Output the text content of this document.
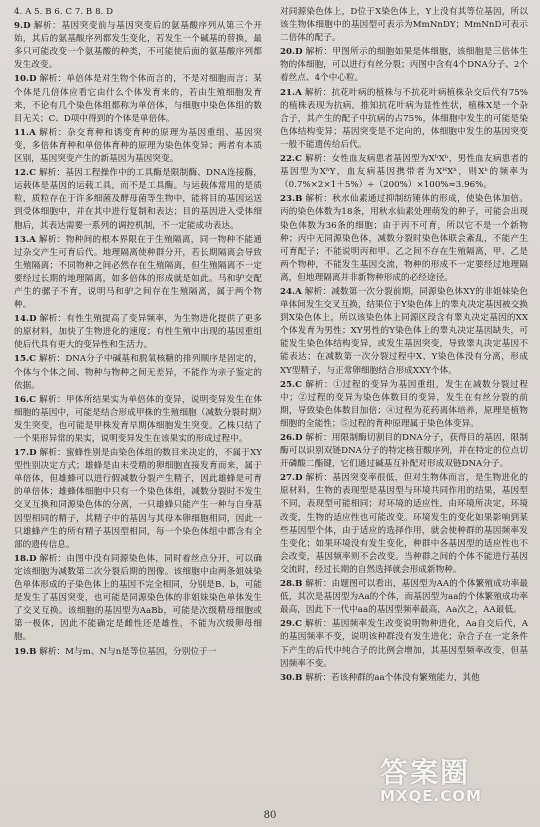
4. A 5. B 6. C 7. B 8. D
9.D 解析：基因突变前与基因突变后的氨基酸序列从第三个开始，其后的氨基酸序列都发生变化，若发生一个碱基的替换，最多只可能改变一个氨基酸的种类，不可能使后面的氨基酸序列都发生改变。
10.D 解析：单倍体是对生物个体而言的，不是对细胞而言；某个体是几倍体应看它由什么个体发育来的，若由生殖细胞发育来，不论有几个染色体组都称为单倍体，与细胞中染色体组的数目无关；C、D项中得到的个体是单倍体。
11.A 解析：杂交育种和诱变育种的原理为基因重组、基因突变，多倍体育种和单倍体育种的原理为染色体变异；两者有本质区别，基因突变产生的新基因为基因突变。
12.C 解析：基因工程操作中的工具酶是限制酶、DNA连接酶，运载体是基因的运载工具，而不是工具酶。与运载体常用的是质粒，质粒存在于许多细菌及酵母菌等生物中，能将目的基因运送到受体细胞中，并在其中进行复制和表达；目的基因进入受体细胞后，其表达需要一系列的调控机制，不一定能成功表达。
13.A 解析：物种间的根本界限在于生殖隔离，同一物种不能通过杂交产生可育后代。地理隔离使种群分开，若长期隔离会导致生殖隔离；不同物种之间必然存在生殖隔离，但生殖隔离不一定要经过长期的地理隔离，如多倍体的形成就是如此。马和驴交配产生的骡子不育，说明马和驴之间存在生殖隔离，属于两个物种。
14.D 解析：有性生殖提高了变异频率，为生物进化提供了更多的原材料，加快了生物进化的速度；有性生殖中出现的基因重组使后代具有更大的变异性和生活力。
15.C 解析：DNA分子中碱基和脱氧核糖的排列顺序是固定的，个体与个体之间、物种与物种之间无差异，不能作为亲子鉴定的依据。
16.C 解析：甲体所结果实为单倍体的变异，说明变异发生在体细胞的基因中，可能是结合形成甲株的生殖细胞（减数分裂时期）发生突变，也可能是甲株发育早期体细胞发生突变。乙株只结了一个果形异常的果实，说明变异发生在该果实的形成过程中。
17.D 解析：蜜蜂性别是由染色体组的数目来决定的，不属于XY型性别决定方式；雄蜂是由未受精的卵细胞直接发育而来，属于单倍体，但雄蜂可以进行假减数分裂产生精子，因此雄蜂是可育的单倍体；雄蜂体细胞中只有一个染色体组，减数分裂时不发生交叉互换和同源染色体的分离，一只雄蜂只能产生一种与自身基因型相同的精子，其精子中的基因与其母本卵细胞相同，因此一只雄蜂产生的所有精子基因型相同，每一个染色体组中都含有全部的遗传信息。
18.D 解析：由图中没有同源染色体，同时着丝点分开，可以确定该细胞为减数第二次分裂后期的图像。该细胞中由两条姐妹染色单体形成的子染色体上的基因不完全相同，分别是B、b，可能是发生了基因突变，也可能是同源染色体的非姐妹染色单体发生了交叉互换。该细胞的基因型为AaBb，可能是次级精母细胞或第一极体，因此不能确定是雌性还是雄性，不能为次级卵母细胞。
19.B 解析：M与m、N与n是等位基因，分别位于一
对同源染色体上，D位于X染色体上，Y上没有其等位基因，所以该生物体细胞中的基因型可表示为MmNnDY；MmNnD可表示二倍体的配子。
20.D 解析：甲图所示的细胞如果是体细胞，该细胞是三倍体生物的体细胞，可以进行有丝分裂；丙图中含有4个DNA分子、2个着丝点、4个中心粒。
21.A 解析：抗花叶病的植株与不抗花叶病植株杂交后代有75%的植株表现为抗病，推知抗花叶病为显性性状，植株X是一个杂合子，其产生的配子中抗病的占75%，体细胞中发生的可能是染色体结构变异；基因突变是不定向的，体细胞中发生的基因突变一般不能遗传给后代。
22.C 解析：女性血友病患者基因型为XʰXʰ，男性血友病患者的基因型为XʰY，血友病基因携带者为XᴴXʰ，则Xʰ的频率为（0.7%×2×1＋5%）÷（200%）×100%≈3.96%。
23.B 解析：秋水仙素通过抑制纺锤体的形成，使染色体加倍。丙的染色体数为18条，用秋水仙素处理萌发的种子，可能会出现染色体数为36条的细胞；由于丙不可育，所以它不是一个新物种；丙中无同源染色体，减数分裂时染色体联会紊乱，不能产生可育配子；不能说明丙和甲、乙之间不存在生殖隔离，甲、乙是两个物种，不能发生基因交流，物种的形成不一定要经过地理隔离，但地理隔离并非新物种形成的必经途径。
24.A 解析：减数第一次分裂前期，同源染色体XY的非姐妹染色单体间发生交叉互换，结果位于Y染色体上的睾丸决定基因被交换到X染色体上，所以该染色体上同源区段含有睾丸决定基因的XX个体发育为男性；XY男性的Y染色体上的睾丸决定基因缺失，可能发生染色体结构变异，或发生基因突变，导致睾丸决定基因不能表达；在减数第一次分裂过程中X、Y染色体没有分离，形成XY型精子，与正常卵细胞结合形成XXY个体。
25.C 解析：①过程的变异为基因重组，发生在减数分裂过程中；②过程的变异为染色体数目的变异，发生在有丝分裂的前期，导致染色体数目加倍；④过程为花药离体培养，原理是植物细胞的全能性；⑤过程的育种原理属于染色体变异。
26.D 解析：用限制酶切割目的DNA分子，获得目的基因，限制酶可以识别双链DNA分子的特定核苷酸序列，并在特定的位点切开磷酸二酯键，它们通过碱基互补配对形成双链DNA分子。
27.D 解析：基因突变率很低，但对生物体而言，是生物进化的原材料，生物的表现型是基因型与环境共同作用的结果，基因型不同，表现型可能相同；对环境的适应性，由环境所决定，环境改变，生物的适应性也可能改变。环境发生的变化如果影响到某些基因型个体，由于适应的选择作用，就会使种群的基因频率发生变化；如果环境没有发生变化，种群中各基因型的适应性也不会改变，基因频率则不会改变。当种群之间的个体不能进行基因交流时，经过长期的自然选择就会形成新物种。
28.B 解析：由题图可以看出，基因型为AA的个体繁殖成功率最低，其次是基因型为Aa的个体，而基因型为aa的个体繁殖成功率最高，因此下一代中aa的基因型频率最高，Aa次之，AA最低。
29.C 解析：基因频率发生改变说明物种进化，Aa自交后代，A的基因频率不变，说明该种群没有发生进化；杂合子在一定条件下产生的后代中纯合子的比例会增加，其基因型频率改变，但基因频率不变。
30.B 解析：若该种群的aa个体没有繁殖能力，其他
80
答案圈
MXQE.COM
